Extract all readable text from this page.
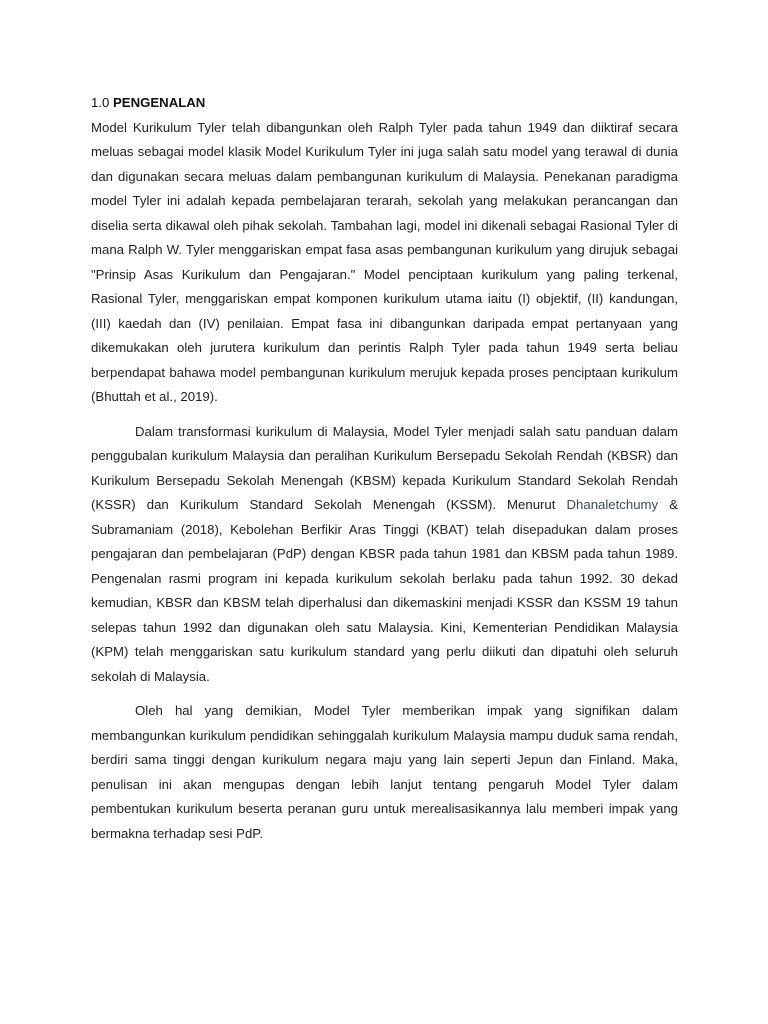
1.0 PENGENALAN

Model Kurikulum Tyler telah dibangunkan oleh Ralph Tyler pada tahun 1949 dan diiktiraf secara meluas sebagai model klasik Model Kurikulum Tyler ini juga salah satu model yang terawal di dunia dan digunakan secara meluas dalam pembangunan kurikulum di Malaysia. Penekanan paradigma model Tyler ini adalah kepada pembelajaran terarah, sekolah yang melakukan perancangan dan diselia serta dikawal oleh pihak sekolah. Tambahan lagi, model ini dikenali sebagai Rasional Tyler di mana Ralph W. Tyler menggariskan empat fasa asas pembangunan kurikulum yang dirujuk sebagai "Prinsip Asas Kurikulum dan Pengajaran." Model penciptaan kurikulum yang paling terkenal, Rasional Tyler, menggariskan empat komponen kurikulum utama iaitu (I) objektif, (II) kandungan, (III) kaedah dan (IV) penilaian. Empat fasa ini dibangunkan daripada empat pertanyaan yang dikemukakan oleh jurutera kurikulum dan perintis Ralph Tyler pada tahun 1949 serta beliau berpendapat bahawa model pembangunan kurikulum merujuk kepada proses penciptaan kurikulum (Bhuttah et al., 2019).

Dalam transformasi kurikulum di Malaysia, Model Tyler menjadi salah satu panduan dalam penggubalan kurikulum Malaysia dan peralihan Kurikulum Bersepadu Sekolah Rendah (KBSR) dan Kurikulum Bersepadu Sekolah Menengah (KBSM) kepada Kurikulum Standard Sekolah Rendah (KSSR) dan Kurikulum Standard Sekolah Menengah (KSSM). Menurut Dhanaletchumy & Subramaniam (2018), Kebolehan Berfikir Aras Tinggi (KBAT) telah disepadukan dalam proses pengajaran dan pembelajaran (PdP) dengan KBSR pada tahun 1981 dan KBSM pada tahun 1989. Pengenalan rasmi program ini kepada kurikulum sekolah berlaku pada tahun 1992. 30 dekad kemudian, KBSR dan KBSM telah diperhalusi dan dikemaskini menjadi KSSR dan KSSM 19 tahun selepas tahun 1992 dan digunakan oleh satu Malaysia. Kini, Kementerian Pendidikan Malaysia (KPM) telah menggariskan satu kurikulum standard yang perlu diikuti dan dipatuhi oleh seluruh sekolah di Malaysia.

Oleh hal yang demikian, Model Tyler memberikan impak yang signifikan dalam membangunkan kurikulum pendidikan sehinggalah kurikulum Malaysia mampu duduk sama rendah, berdiri sama tinggi dengan kurikulum negara maju yang lain seperti Jepun dan Finland. Maka, penulisan ini akan mengupas dengan lebih lanjut tentang pengaruh Model Tyler dalam pembentukan kurikulum beserta peranan guru untuk merealisasikannya lalu memberi impak yang bermakna terhadap sesi PdP.
